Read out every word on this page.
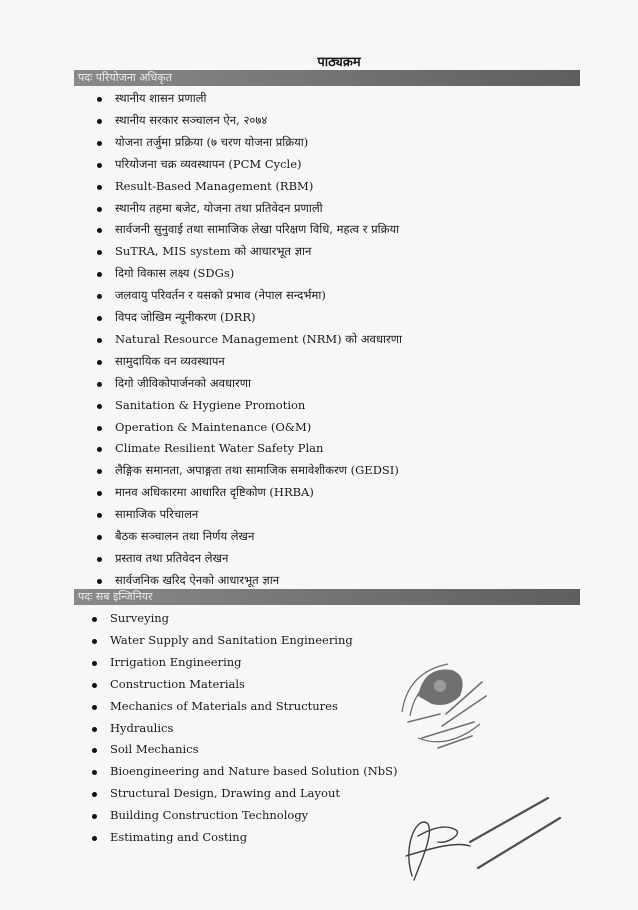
पाठ्यक्रम
पदः परियोजना अधिकृत
स्थानीय शासन प्रणाली
स्थानीय सरकार सञ्चालन ऐन, २०७४
योजना तर्जुमा प्रक्रिया (७ चरण योजना प्रक्रिया)
परियोजना चक्र व्यवस्थापन (PCM Cycle)
Result-Based Management (RBM)
स्थानीय तहमा बजेट, योजना तथा प्रतिवेदन प्रणाली
सार्वजनी सुनुवाई तथा सामाजिक लेखा परिक्षण विधि, महत्व र प्रक्रिया
SuTRA, MIS system को आधारभूत ज्ञान
दिगो विकास लक्ष्य (SDGs)
जलवायु परिवर्तन र यसको प्रभाव (नेपाल सन्दर्भमा)
विपद जोखिम न्यूनीकरण (DRR)
Natural Resource Management (NRM) को अवधारणा
सामुदायिक वन व्यवस्थापन
दिगो जीविकोपार्जनको अवधारणा
Sanitation & Hygiene Promotion
Operation & Maintenance (O&M)
Climate Resilient Water Safety Plan
लैङ्गिक समानता, अपाङ्गता तथा सामाजिक समावेशीकरण (GEDSI)
मानव अधिकारमा आधारित दृष्टिकोण (HRBA)
सामाजिक परिचालन
बैठक सञ्चालन तथा निर्णय लेखन
प्रस्ताव तथा प्रतिवेदन लेखन
सार्वजनिक खरिद ऐनको आधारभूत ज्ञान
पदः सब इन्जिनियर
Surveying
Water Supply and Sanitation Engineering
Irrigation Engineering
Construction Materials
Mechanics of Materials and Structures
Hydraulics
Soil Mechanics
Bioengineering and Nature based Solution (NbS)
Structural Design, Drawing and Layout
Building Construction Technology
Estimating and Costing
